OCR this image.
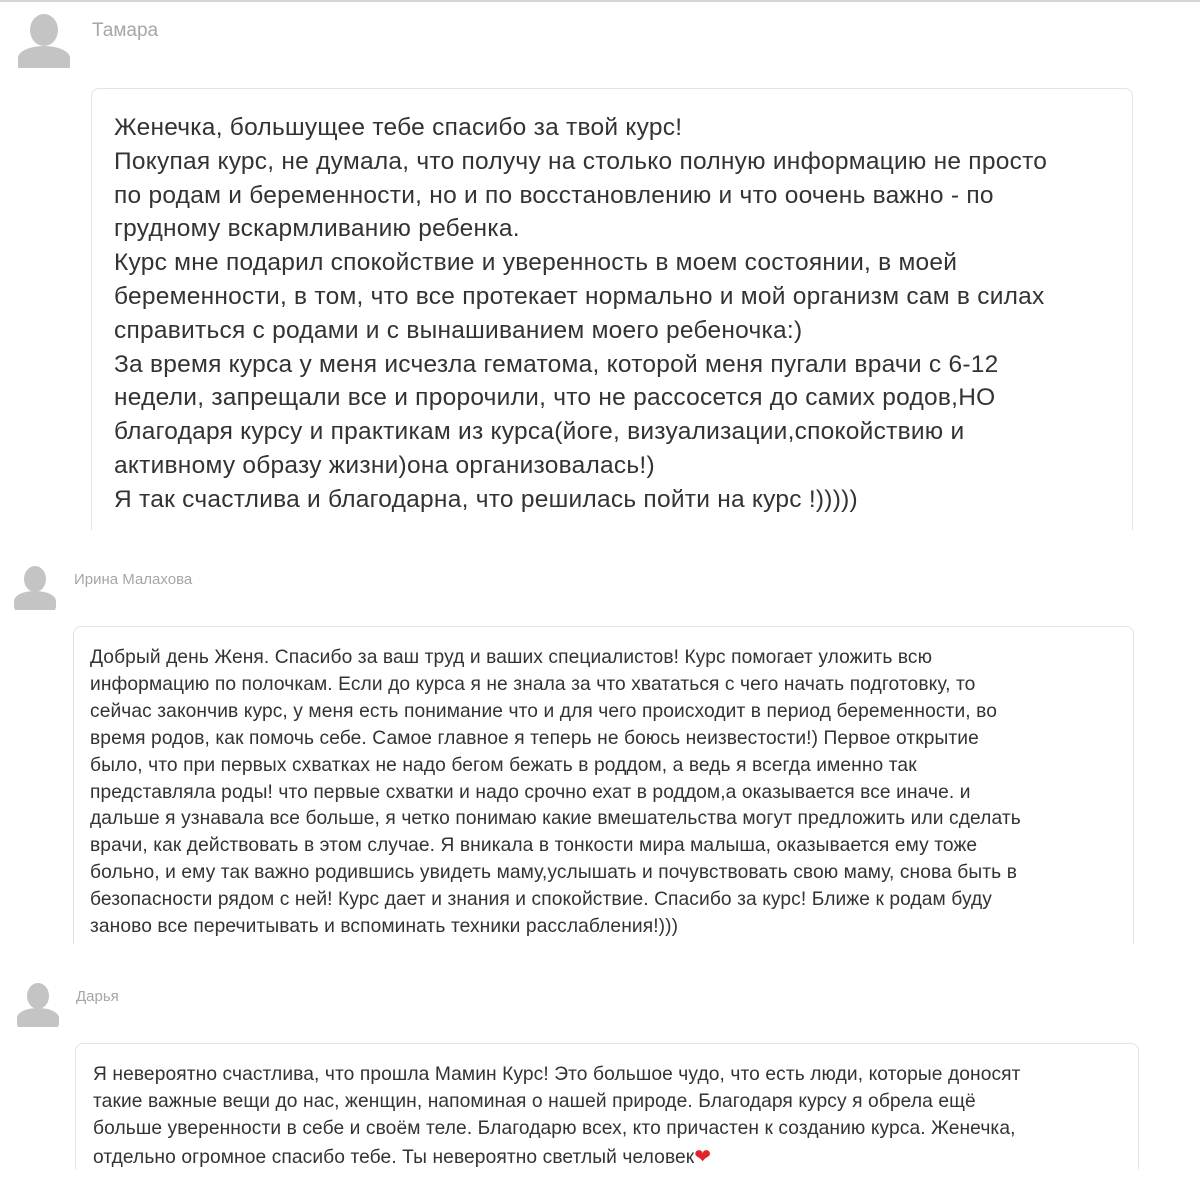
Тамара
Женечка, большущее тебе спасибо за твой курс!
Покупая курс, не думала, что получу на столько полную информацию не просто
по родам и беременности, но и по восстановлению и что оочень важно - по
грудному вскармливанию ребенка.
Курс мне подарил спокойствие и уверенность в моем состоянии, в моей
беременности, в том, что все протекает нормально и мой организм сам в силах
справиться с родами и с вынашиванием моего ребеночка:)
За время курса у меня исчезла гематома, которой меня пугали врачи с 6-12
недели, запрещали все и пророчили, что не рассосется до самих родов,НО
благодаря курсу и практикам из курса(йоге, визуализации,спокойствию и
активному образу жизни)она организовалась!)
Я так счастлива и благодарна, что решилась пойти на курс !)))))
Ирина Малахова
Добрый день Женя. Спасибо за ваш труд и ваших специалистов! Курс помогает уложить всю
информацию по полочкам. Если до курса я не знала за что хвататься с чего начать подготовку, то
сейчас закончив курс, у меня есть понимание что и для чего происходит в период беременности, во
время родов, как помочь себе. Самое главное я теперь не боюсь неизвестости!) Первое открытие
было, что при первых схватках не надо бегом бежать в роддом, а ведь я всегда именно так
представляла роды! что первые схватки и надо срочно ехат в роддом,а оказывается все иначе. и
дальше я узнавала все больше, я четко понимаю какие вмешательства могут предложить или сделать
врачи, как действовать в этом случае. Я вникала в тонкости мира малыша, оказывается ему тоже
больно, и ему так важно родившись увидеть маму,услышать и почувствовать свою маму, снова быть в
безопасности рядом с ней! Курс дает и знания и спокойствие. Спасибо за курс! Ближе к родам буду
заново все перечитывать и вспоминать техники расслабления!)))
Дарья
Я невероятно счастлива, что прошла Мамин Курс! Это большое чудо, что есть люди, которые доносят
такие важные вещи до нас, женщин, напоминая о нашей природе. Благодаря курсу я обрела ещё
больше уверенности в себе и своём теле. Благодарю всех, кто причастен к созданию курса. Женечка,
отдельно огромное спасибо тебе. Ты невероятно светлый человек❤
